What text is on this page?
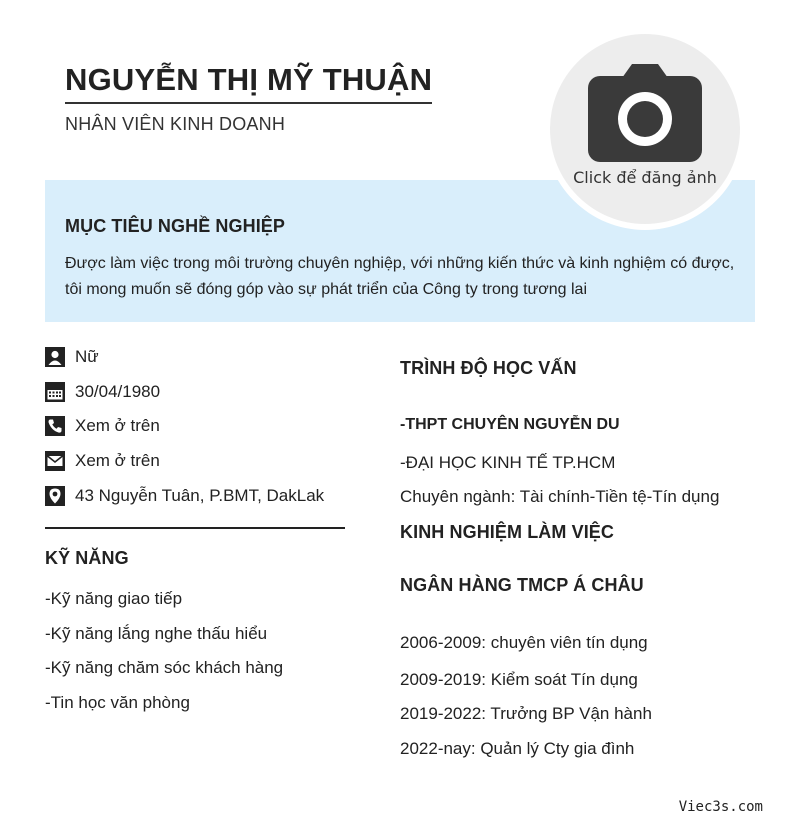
NGUYỄN THỊ MỸ THUẬN
NHÂN VIÊN KINH DOANH
MỤC TIÊU NGHỀ NGHIỆP

Được làm việc trong môi trường chuyên nghiệp, với những kiến thức và kinh nghiệm có được, tôi mong muốn sẽ đóng góp vào sự phát triển của Công ty trong tương lai

Click để đăng ảnh
Nữ
30/04/1980
Xem ở trên
Xem ở trên
43 Nguyễn Tuân, P.BMT, DakLak
KỸ NĂNG
-Kỹ năng giao tiếp
-Kỹ năng lắng nghe thấu hiểu
-Kỹ năng chăm sóc khách hàng
-Tin học văn phòng
TRÌNH ĐỘ HỌC VẤN
-THPT CHUYÊN NGUYỄN DU
-ĐẠI HỌC KINH TẾ TP.HCM
Chuyên ngành: Tài chính-Tiền tệ-Tín dụng
KINH NGHIỆM LÀM VIỆC
NGÂN HÀNG TMCP Á CHÂU
2006-2009: chuyên viên tín dụng
2009-2019: Kiểm soát Tín dụng
2019-2022: Trưởng BP Vận hành
2022-nay: Quản lý Cty gia đình
Viec3s.com
